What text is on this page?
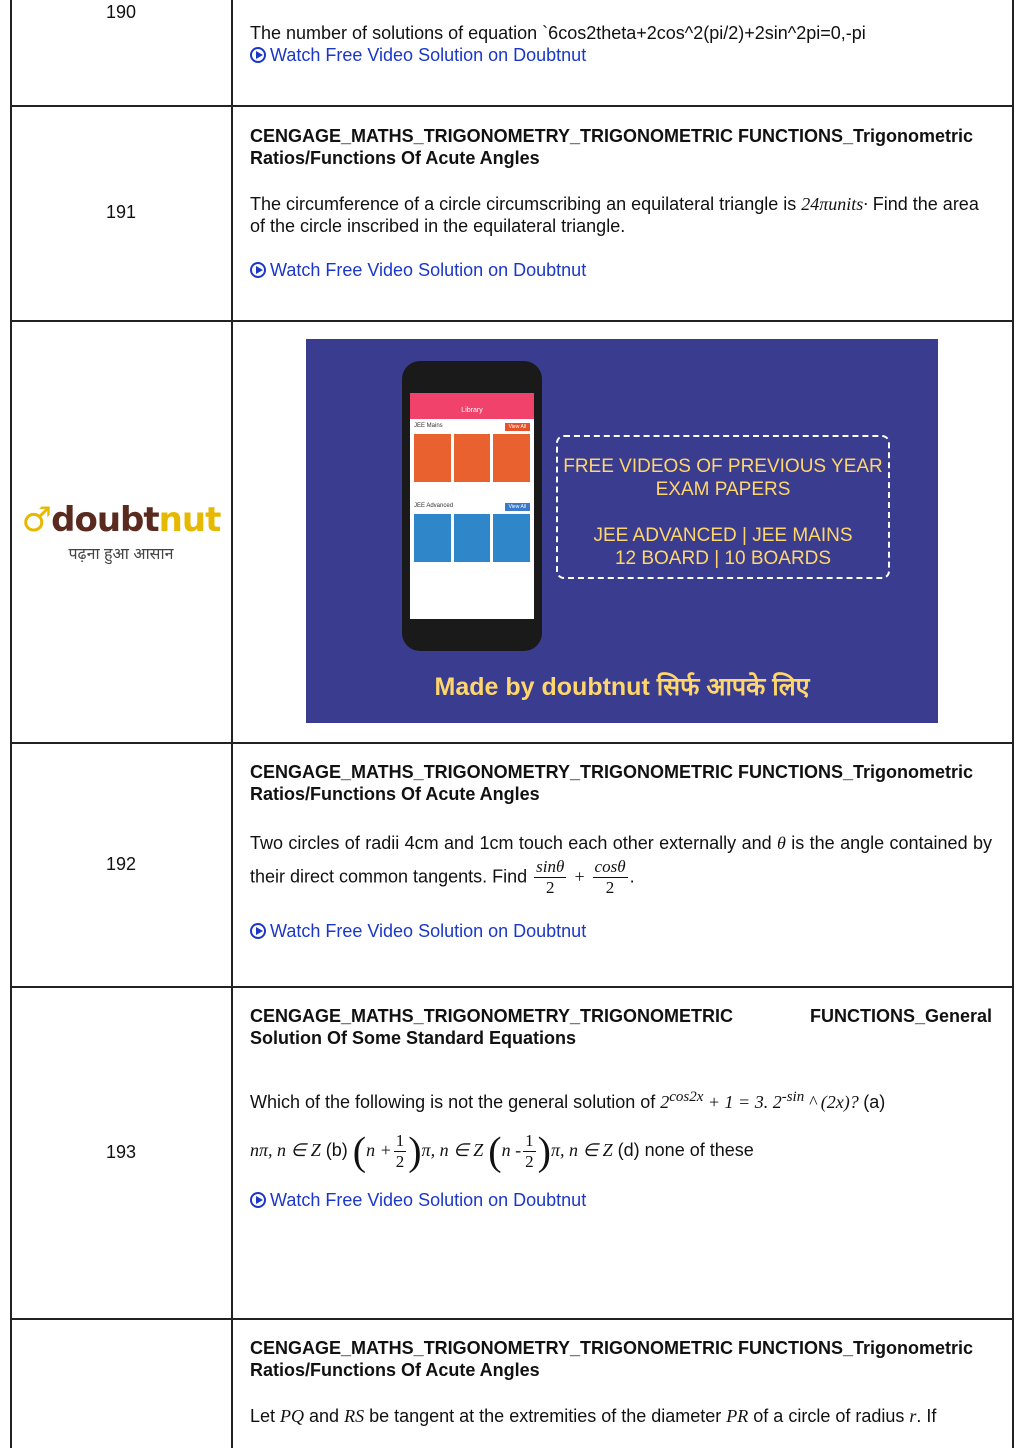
190
The number of solutions of equation `6cos2theta+2cos^2(pi/2)+2sin^2pi=0,-pi
Watch Free Video Solution on Doubtnut
191
CENGAGE_MATHS_TRIGONOMETRY_TRIGONOMETRIC FUNCTIONS_Trigonometric Ratios/Functions Of Acute Angles
The circumference of a circle circumscribing an equilateral triangle is 24πunits· Find the area of the circle inscribed in the equilateral triangle.
Watch Free Video Solution on Doubtnut
♂doubtnut
पढ़ना हुआ आसान
Library
JEE Mains	View All
JEE Advanced	View All
FREE VIDEOS OF PREVIOUS YEAR
EXAM PAPERS
JEE ADVANCED | JEE MAINS
12 BOARD | 10 BOARDS
Made by doubtnut सिर्फ आपके लिए
192
CENGAGE_MATHS_TRIGONOMETRY_TRIGONOMETRIC FUNCTIONS_Trigonometric Ratios/Functions Of Acute Angles
Two circles of radii 4cm and 1cm touch each other externally and θ is the angle contained by their direct common tangents. Find $\frac{\sin\theta}{2} + \frac{\cos\theta}{2}$ .
Watch Free Video Solution on Doubtnut
193
CENGAGE_MATHS_TRIGONOMETRY_TRIGONOMETRIC FUNCTIONS_General Solution Of Some Standard Equations
Which of the following is not the general solution of $2^{cos2x} + 1 = 3$. $2^{-sin}$ ^ (2x)? (a)
nπ, n ∈ Z (b) $(n + \frac{1}{2} )\pi$, n ∈ Z $(n - \frac{1}{2} )\pi$, n ∈ Z (d) none of these
Watch Free Video Solution on Doubtnut
CENGAGE_MATHS_TRIGONOMETRY_TRIGONOMETRIC FUNCTIONS_Trigonometric Ratios/Functions Of Acute Angles
Let PQ and RS be tangent at the extremities of the diameter PR of a circle of radius r. If
